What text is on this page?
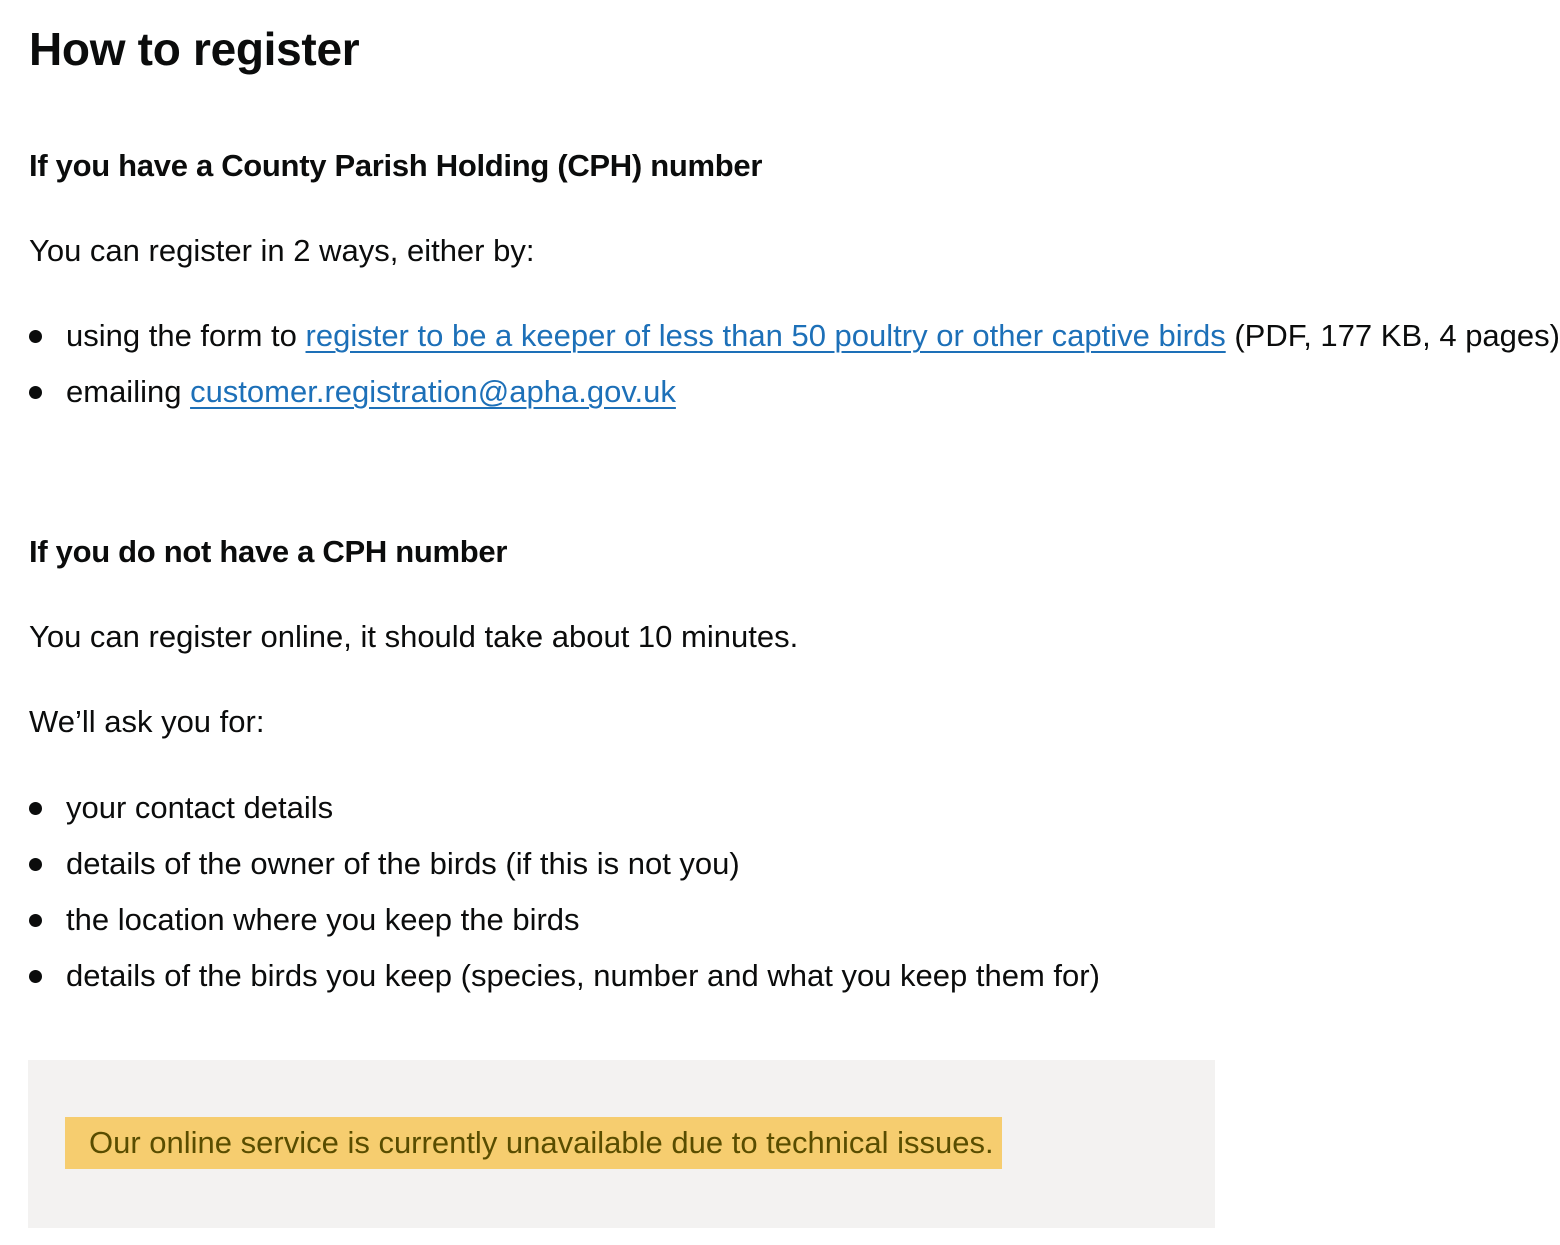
How to register
If you have a County Parish Holding (CPH) number

You can register in 2 ways, either by:

using the form to register to be a keeper of less than 50 poultry or other captive birds (PDF, 177 KB, 4 pages)
emailing customer.registration@apha.gov.uk
If you do not have a CPH number

You can register online, it should take about 10 minutes.

We’ll ask you for:

your contact details
details of the owner of the birds (if this is not you)
the location where you keep the birds
details of the birds you keep (species, number and what you keep them for)
Our online service is currently unavailable due to technical issues.
